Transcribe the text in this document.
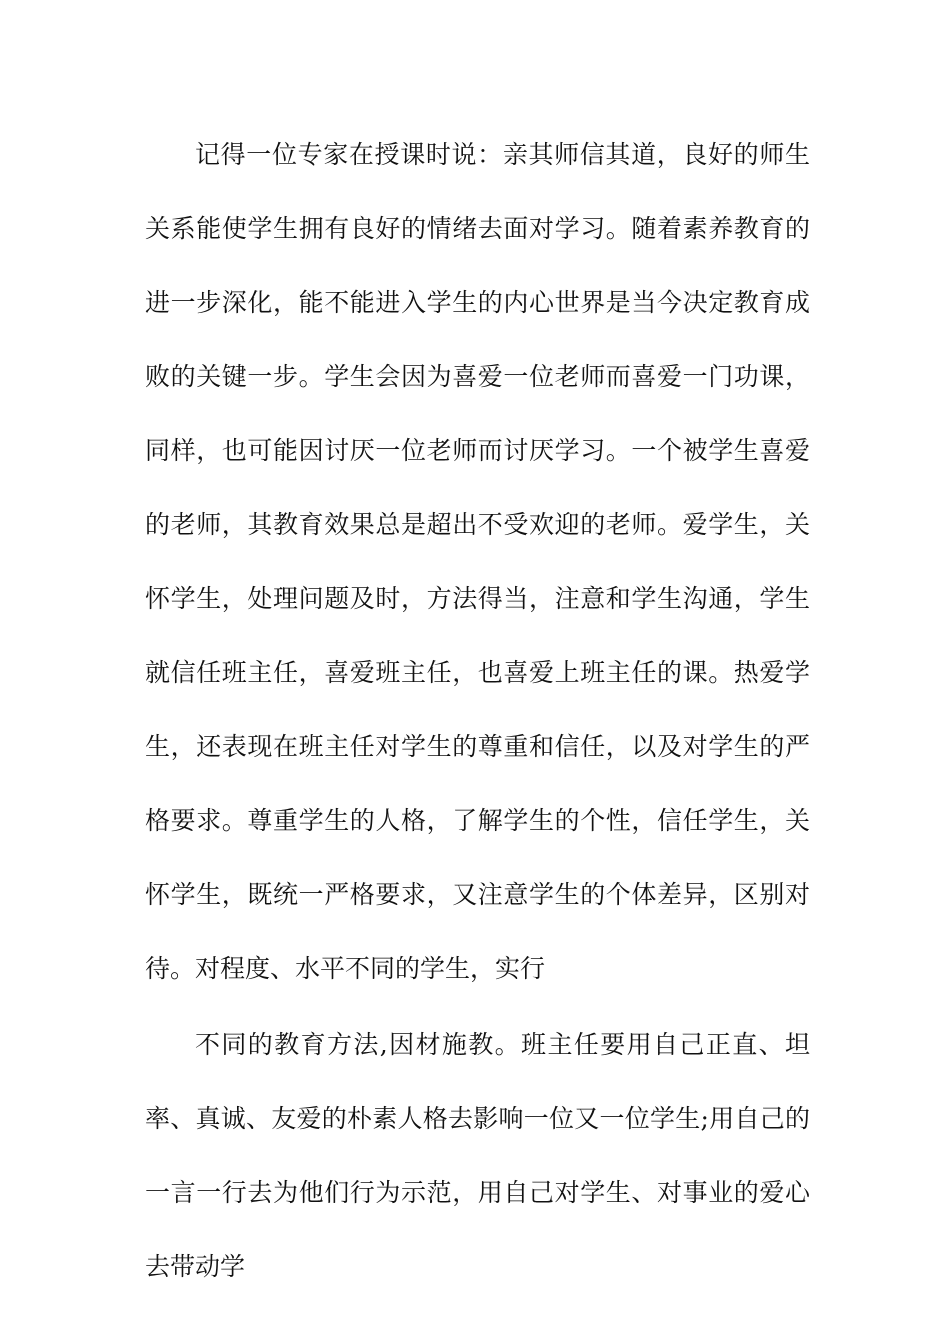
记得一位专家在授课时说：亲其师信其道，良好的师生关系能使学生拥有良好的情绪去面对学习。随着素养教育的进一步深化，能不能进入学生的内心世界是当今决定教育成败的关键一步。学生会因为喜爱一位老师而喜爱一门功课，同样，也可能因讨厌一位老师而讨厌学习。一个被学生喜爱的老师，其教育效果总是超出不受欢迎的老师。爱学生，关怀学生，处理问题及时，方法得当，注意和学生沟通，学生就信任班主任，喜爱班主任，也喜爱上班主任的课。热爱学生，还表现在班主任对学生的尊重和信任，以及对学生的严格要求。尊重学生的人格，了解学生的个性，信任学生，关怀学生，既统一严格要求，又注意学生的个体差异，区别对待。对程度、水平不同的学生，实行

不同的教育方法,因材施教。班主任要用自己正直、坦率、真诚、友爱的朴素人格去影响一位又一位学生;用自己的一言一行去为他们行为示范，用自己对学生、对事业的爱心去带动学
